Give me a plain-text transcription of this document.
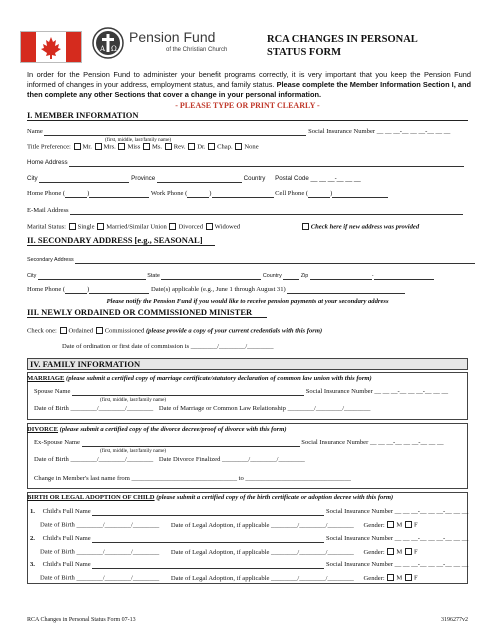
A Ω
Pension Fund
of the Christian Church
RCA CHANGES IN PERSONAL
STATUS FORM
In order for the Pension Fund to administer your benefit programs correctly, it is very important that you keep the Pension Fund informed of changes in your address, employment status, and family status. Please complete the Member Information Section I, and then complete any other Sections that cover a change in your personal information.
- PLEASE TYPE OR PRINT CLEARLY -
I. MEMBER INFORMATION
Name	Social Insurance Number __ __ __-__ __ __-__ __ __
(first, middle, last/family name)
Title Preference: Mr. Mrs. Miss Ms. Rev. Dr. Chap. None
Home Address
City	Province	Country Postal Code __ __ __-__ __ __
Home Phone (	)	Work Phone (	)	Cell Phone (	)
E-Mail Address
Marital Status: Single Married/Similar Union Divorced Widowed	Check here if new address was provided
II. SECONDARY ADDRESS [e.g., SEASONAL]
Secondary Address
City	State	Country	Zip	-
Home Phone (	)	Date(s) applicable (e.g., June 1 through August 31)
Please notify the Pension Fund if you would like to receive pension payments at your secondary address
III. NEWLY ORDAINED OR COMMISSIONED MINISTER
Check one: Ordained Commissioned (please provide a copy of your current credentials with this form)
Date of ordination or first date of commission is ________/________/________
IV. FAMILY INFORMATION
MARRIAGE (please submit a certified copy of marriage certificate/statutory declaration of common law union with this form)
Spouse Name	Social Insurance Number __ __ __-__ __ __-__ __ __
(first, middle, last/family name)
Date of Birth ________/________/________ Date of Marriage or Common Law Relationship ________/________/________
DIVORCE (please submit a certified copy of the divorce decree/proof of divorce with this form)
Ex-Spouse Name	Social Insurance Number __ __ __-__ __ __-__ __ __
(first, middle, last/family name)
Date of Birth ________/________/________ Date Divorce Finalized ________/________/________
Change in Member's last name from ________________________________ to ________________________________
BIRTH OR LEGAL ADOPTION OF CHILD (please submit a certified copy of the birth certificate or adoption decree with this form)
1. Child's Full Name	Social Insurance Number __ __ __-__ __ __-__ __ __
Date of Birth ________/________/________ Date of Legal Adoption, if applicable ________/________/________ Gender: M F
2. Child's Full Name	Social Insurance Number __ __ __-__ __ __-__ __ __
Date of Birth ________/________/________ Date of Legal Adoption, if applicable ________/________/________ Gender: M F
3. Child's Full Name	Social Insurance Number __ __ __-__ __ __-__ __ __
Date of Birth ________/________/________ Date of Legal Adoption, if applicable ________/________/________ Gender: M F
RCA Changes in Personal Status Form 07-13	3196277v2
